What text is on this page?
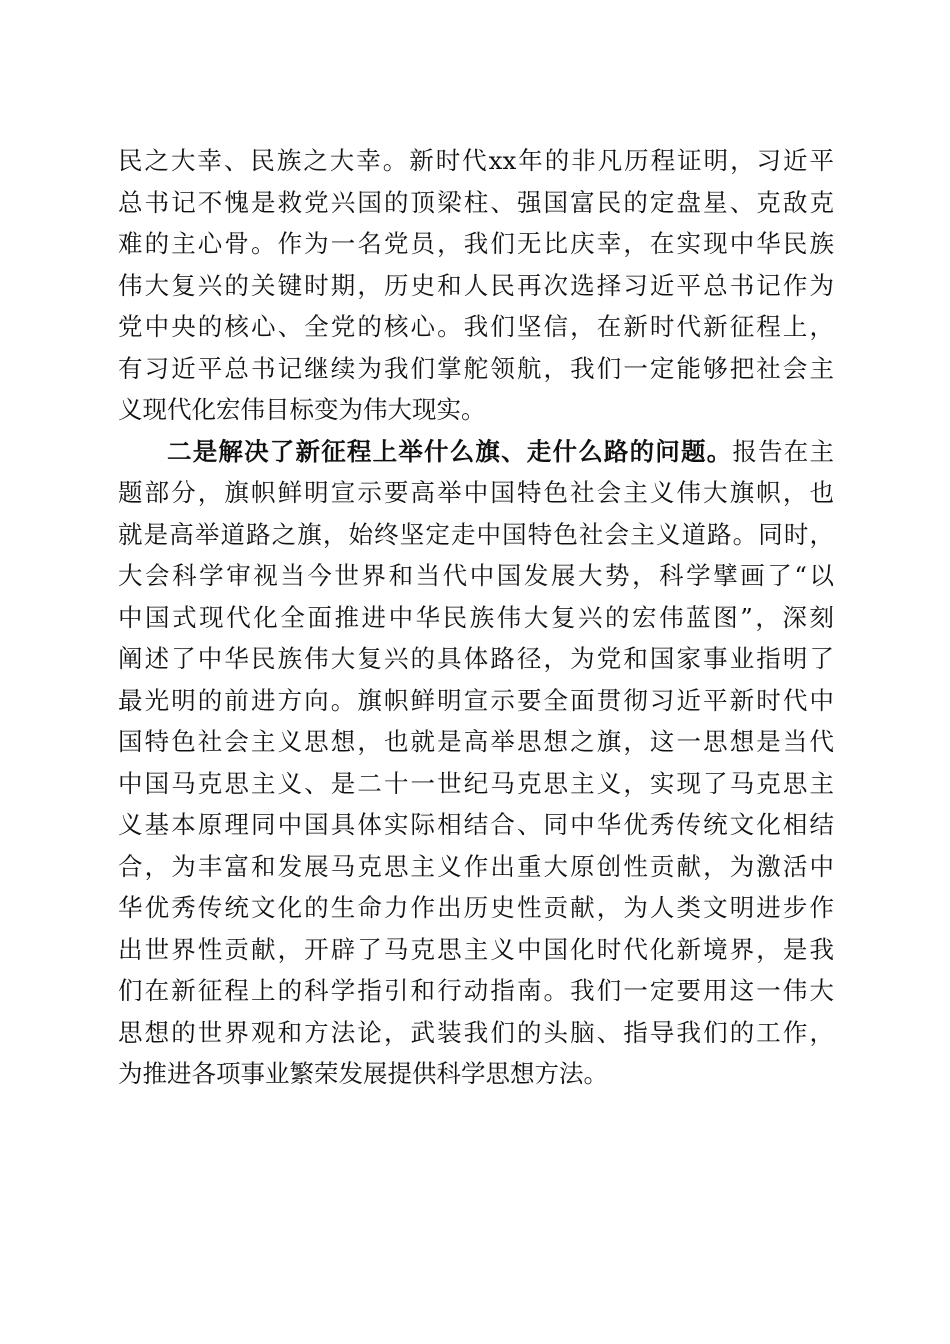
民之大幸、民族之大幸。新时代xx年的非凡历程证明，习近平
总书记不愧是救党兴国的顶梁柱、强国富民的定盘星、克敌克
难的主心骨。作为一名党员，我们无比庆幸，在实现中华民族
伟大复兴的关键时期，历史和人民再次选择习近平总书记作为
党中央的核心、全党的核心。我们坚信，在新时代新征程上，
有习近平总书记继续为我们掌舵领航，我们一定能够把社会主
义现代化宏伟目标变为伟大现实。
二是解决了新征程上举什么旗、走什么路的问题。报告在主
题部分，旗帜鲜明宣示要高举中国特色社会主义伟大旗帜，也
就是高举道路之旗，始终坚定走中国特色社会主义道路。同时，
大会科学审视当今世界和当代中国发展大势，科学擘画了“以
中国式现代化全面推进中华民族伟大复兴的宏伟蓝图”，深刻
阐述了中华民族伟大复兴的具体路径，为党和国家事业指明了
最光明的前进方向。旗帜鲜明宣示要全面贯彻习近平新时代中
国特色社会主义思想，也就是高举思想之旗，这一思想是当代
中国马克思主义、是二十一世纪马克思主义，实现了马克思主
义基本原理同中国具体实际相结合、同中华优秀传统文化相结
合，为丰富和发展马克思主义作出重大原创性贡献，为激活中
华优秀传统文化的生命力作出历史性贡献，为人类文明进步作
出世界性贡献，开辟了马克思主义中国化时代化新境界，是我
们在新征程上的科学指引和行动指南。我们一定要用这一伟大
思想的世界观和方法论，武装我们的头脑、指导我们的工作，
为推进各项事业繁荣发展提供科学思想方法。
